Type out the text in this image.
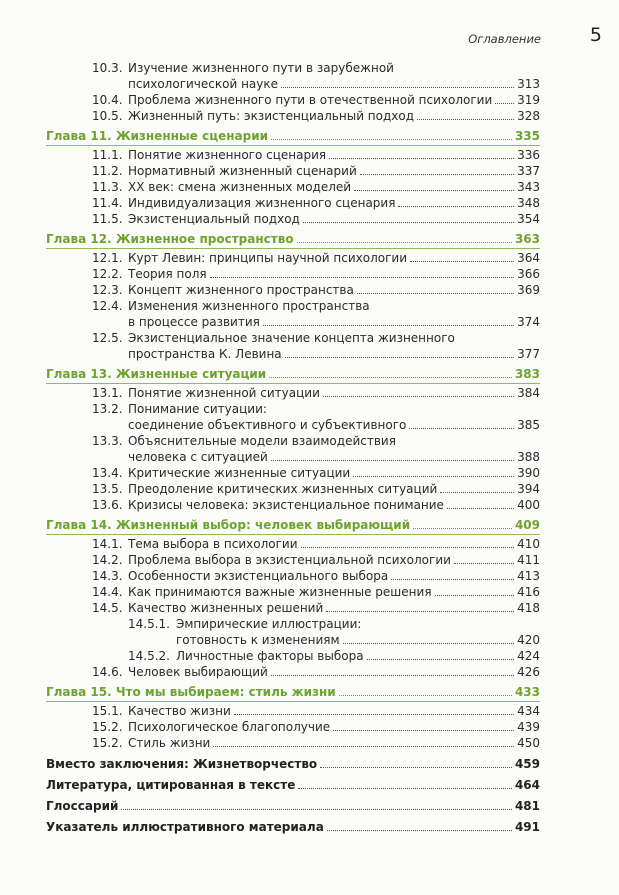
Оглавление	5
10.3. Изучение жизненного пути в зарубежной
психологической науке	313
10.4. Проблема жизненного пути в отечественной психологии 319
10.5. Жизненный путь: экзистенциальный подход	328
Глава 11. Жизненные сценарии	335
11.1. Понятие жизненного сценария	336
11.2. Нормативный жизненный сценарий	337
11.3. XX век: смена жизненных моделей	343
11.4. Индивидуализация жизненного сценария	348
11.5. Экзистенциальный подход	354
Глава 12. Жизненное пространство	363
12.1. Курт Левин: принципы научной психологии	364
12.2. Теория поля	366
12.3. Концепт жизненного пространства	369
12.4. Изменения жизненного пространства
в процессе развития	374
12.5. Экзистенциальное значение концепта жизненного
пространства К. Левина	377
Глава 13. Жизненные ситуации	383
13.1. Понятие жизненной ситуации	384
13.2. Понимание ситуации:
соединение объективного и субъективного	385
13.3. Объяснительные модели взаимодействия
человека с ситуацией	388
13.4. Критические жизненные ситуации	390
13.5. Преодоление критических жизненных ситуаций	394
13.6. Кризисы человека: экзистенциальное понимание	400
Глава 14. Жизненный выбор: человек выбирающий	409
14.1. Тема выбора в психологии	410
14.2. Проблема выбора в экзистенциальной психологии	411
14.3. Особенности экзистенциального выбора	413
14.4. Как принимаются важные жизненные решения	416
14.5. Качество жизненных решений	418
14.5.1. Эмпирические иллюстрации:
готовность к изменениям	420
14.5.2. Личностные факторы выбора	424
14.6. Человек выбирающий	426
Глава 15. Что мы выбираем: стиль жизни	433
15.1. Качество жизни	434
15.2. Психологическое благополучие	439
15.2. Стиль жизни	450
Вместо заключения: Жизнетворчество	459
Литература, цитированная в тексте	464
Глоссарий	481
Указатель иллюстративного материала	491
